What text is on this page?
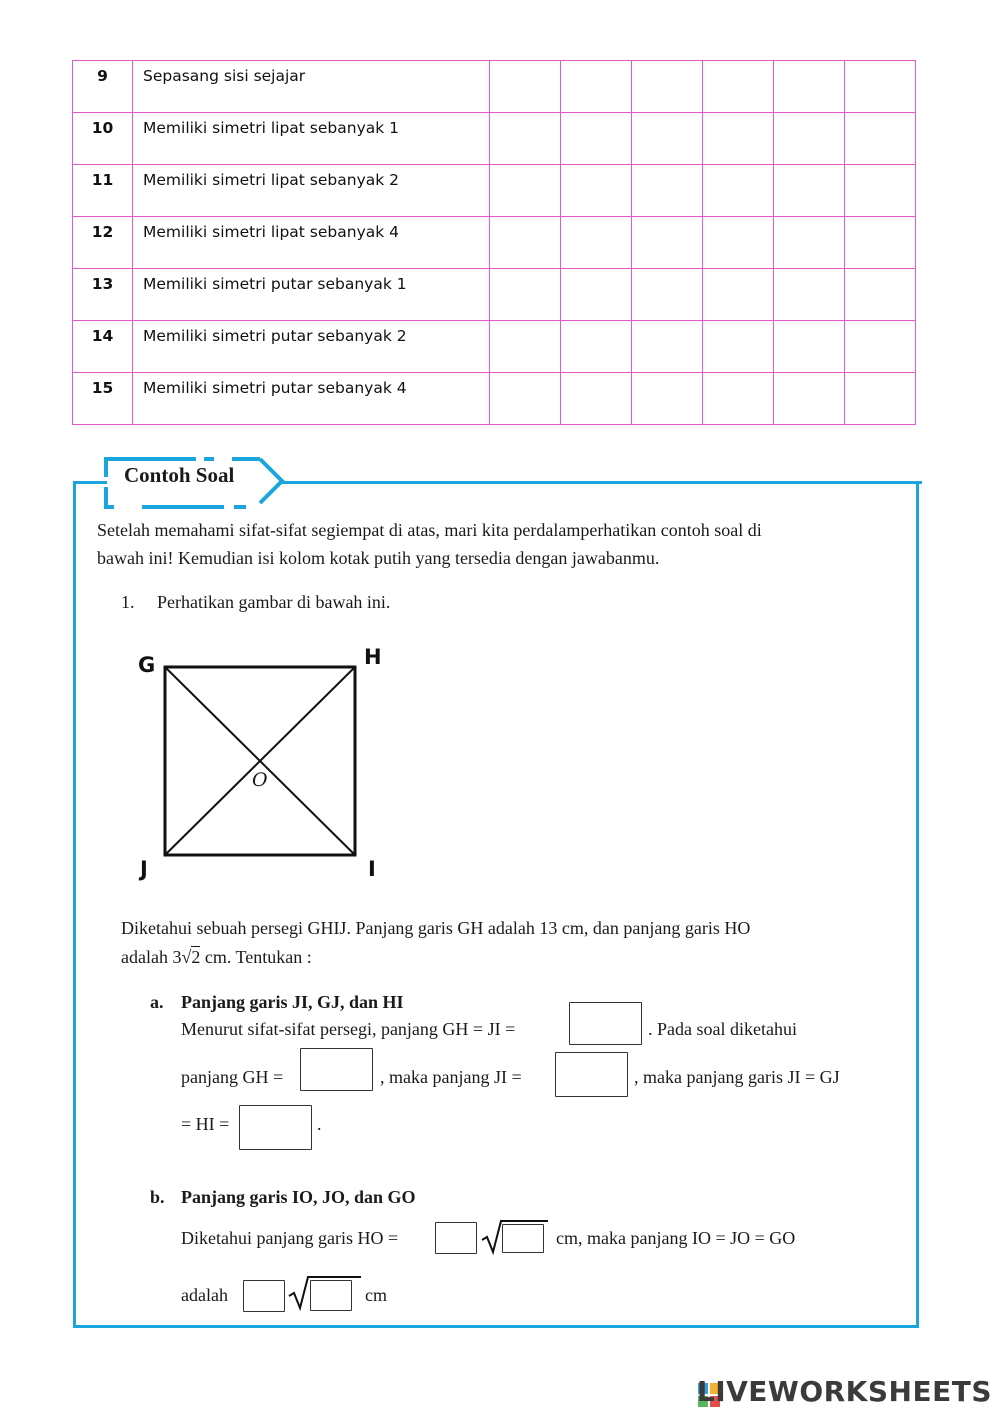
9	Sepasang sisi sejajar						
10	Memiliki simetri lipat sebanyak 1						
11	Memiliki simetri lipat sebanyak 2						
12	Memiliki simetri lipat sebanyak 4						
13	Memiliki simetri putar sebanyak 1						
14	Memiliki simetri putar sebanyak 2						
15	Memiliki simetri putar sebanyak 4						
Contoh Soal
Setelah memahami sifat-sifat segiempat di atas, mari kita perdalamperhatikan contoh soal di
bawah ini! Kemudian isi kolom kotak putih yang tersedia dengan jawabanmu.
1. Perhatikan gambar di bawah ini.
G	H
J	I
O
Diketahui sebuah persegi GHIJ. Panjang garis GH adalah 13 cm, dan panjang garis HO
adalah 3√2 cm. Tentukan :
a. Panjang garis JI, GJ, dan HI
Menurut sifat-sifat persegi, panjang GH = JI =	. Pada soal diketahui
panjang GH =	, maka panjang JI =	, maka panjang garis JI = GJ
= HI =	.
b. Panjang garis IO, JO, dan GO
Diketahui panjang garis HO =	cm, maka panjang IO = JO = GO
adalah	cm
LIVEWORKSHEETS
